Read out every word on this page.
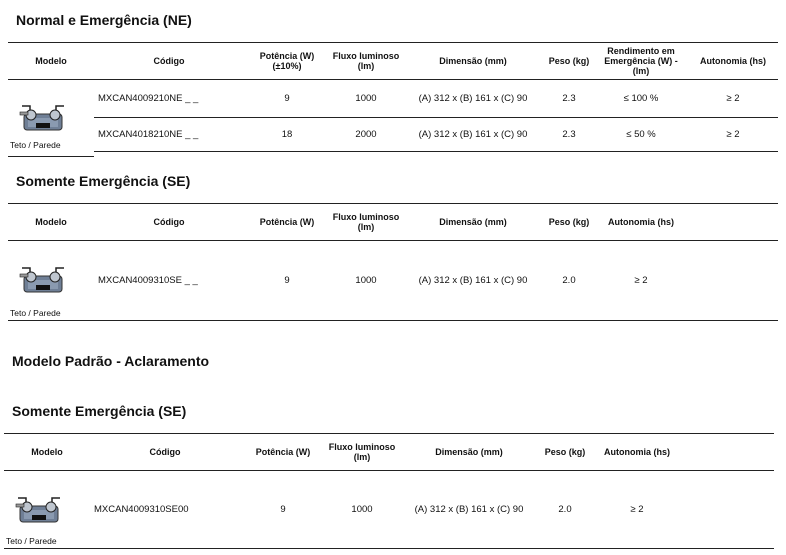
Normal e Emergência (NE)
Modelo	Código	Potência (W) (±10%)	Fluxo luminoso (lm)	Dimensão (mm)	Peso (kg)	Rendimento em Emergência (W) - (lm)	Autonomia (hs)

Teto / Parede	MXCAN4009210NE _ _	9	1000	(A) 312 x (B) 161 x (C) 90	2.3	≤ 100 %	≥ 2
	MXCAN4018210NE _ _	18	2000	(A) 312 x (B) 161 x (C) 90	2.3	≤ 50 %	≥ 2
Somente Emergência (SE)
Modelo	Código	Potência (W)	Fluxo luminoso (lm)	Dimensão (mm)	Peso (kg)	Autonomia (hs)	

Teto / Parede	MXCAN4009310SE _ _	9	1000	(A) 312 x (B) 161 x (C) 90	2.0	≥ 2	
Modelo Padrão - Aclaramento
Somente Emergência (SE)
Modelo	Código	Potência (W)	Fluxo luminoso (lm)	Dimensão (mm)	Peso (kg)	Autonomia (hs)	

Teto / Parede	MXCAN4009310SE00	9	1000	(A) 312 x (B) 161 x (C) 90	2.0	≥ 2	
